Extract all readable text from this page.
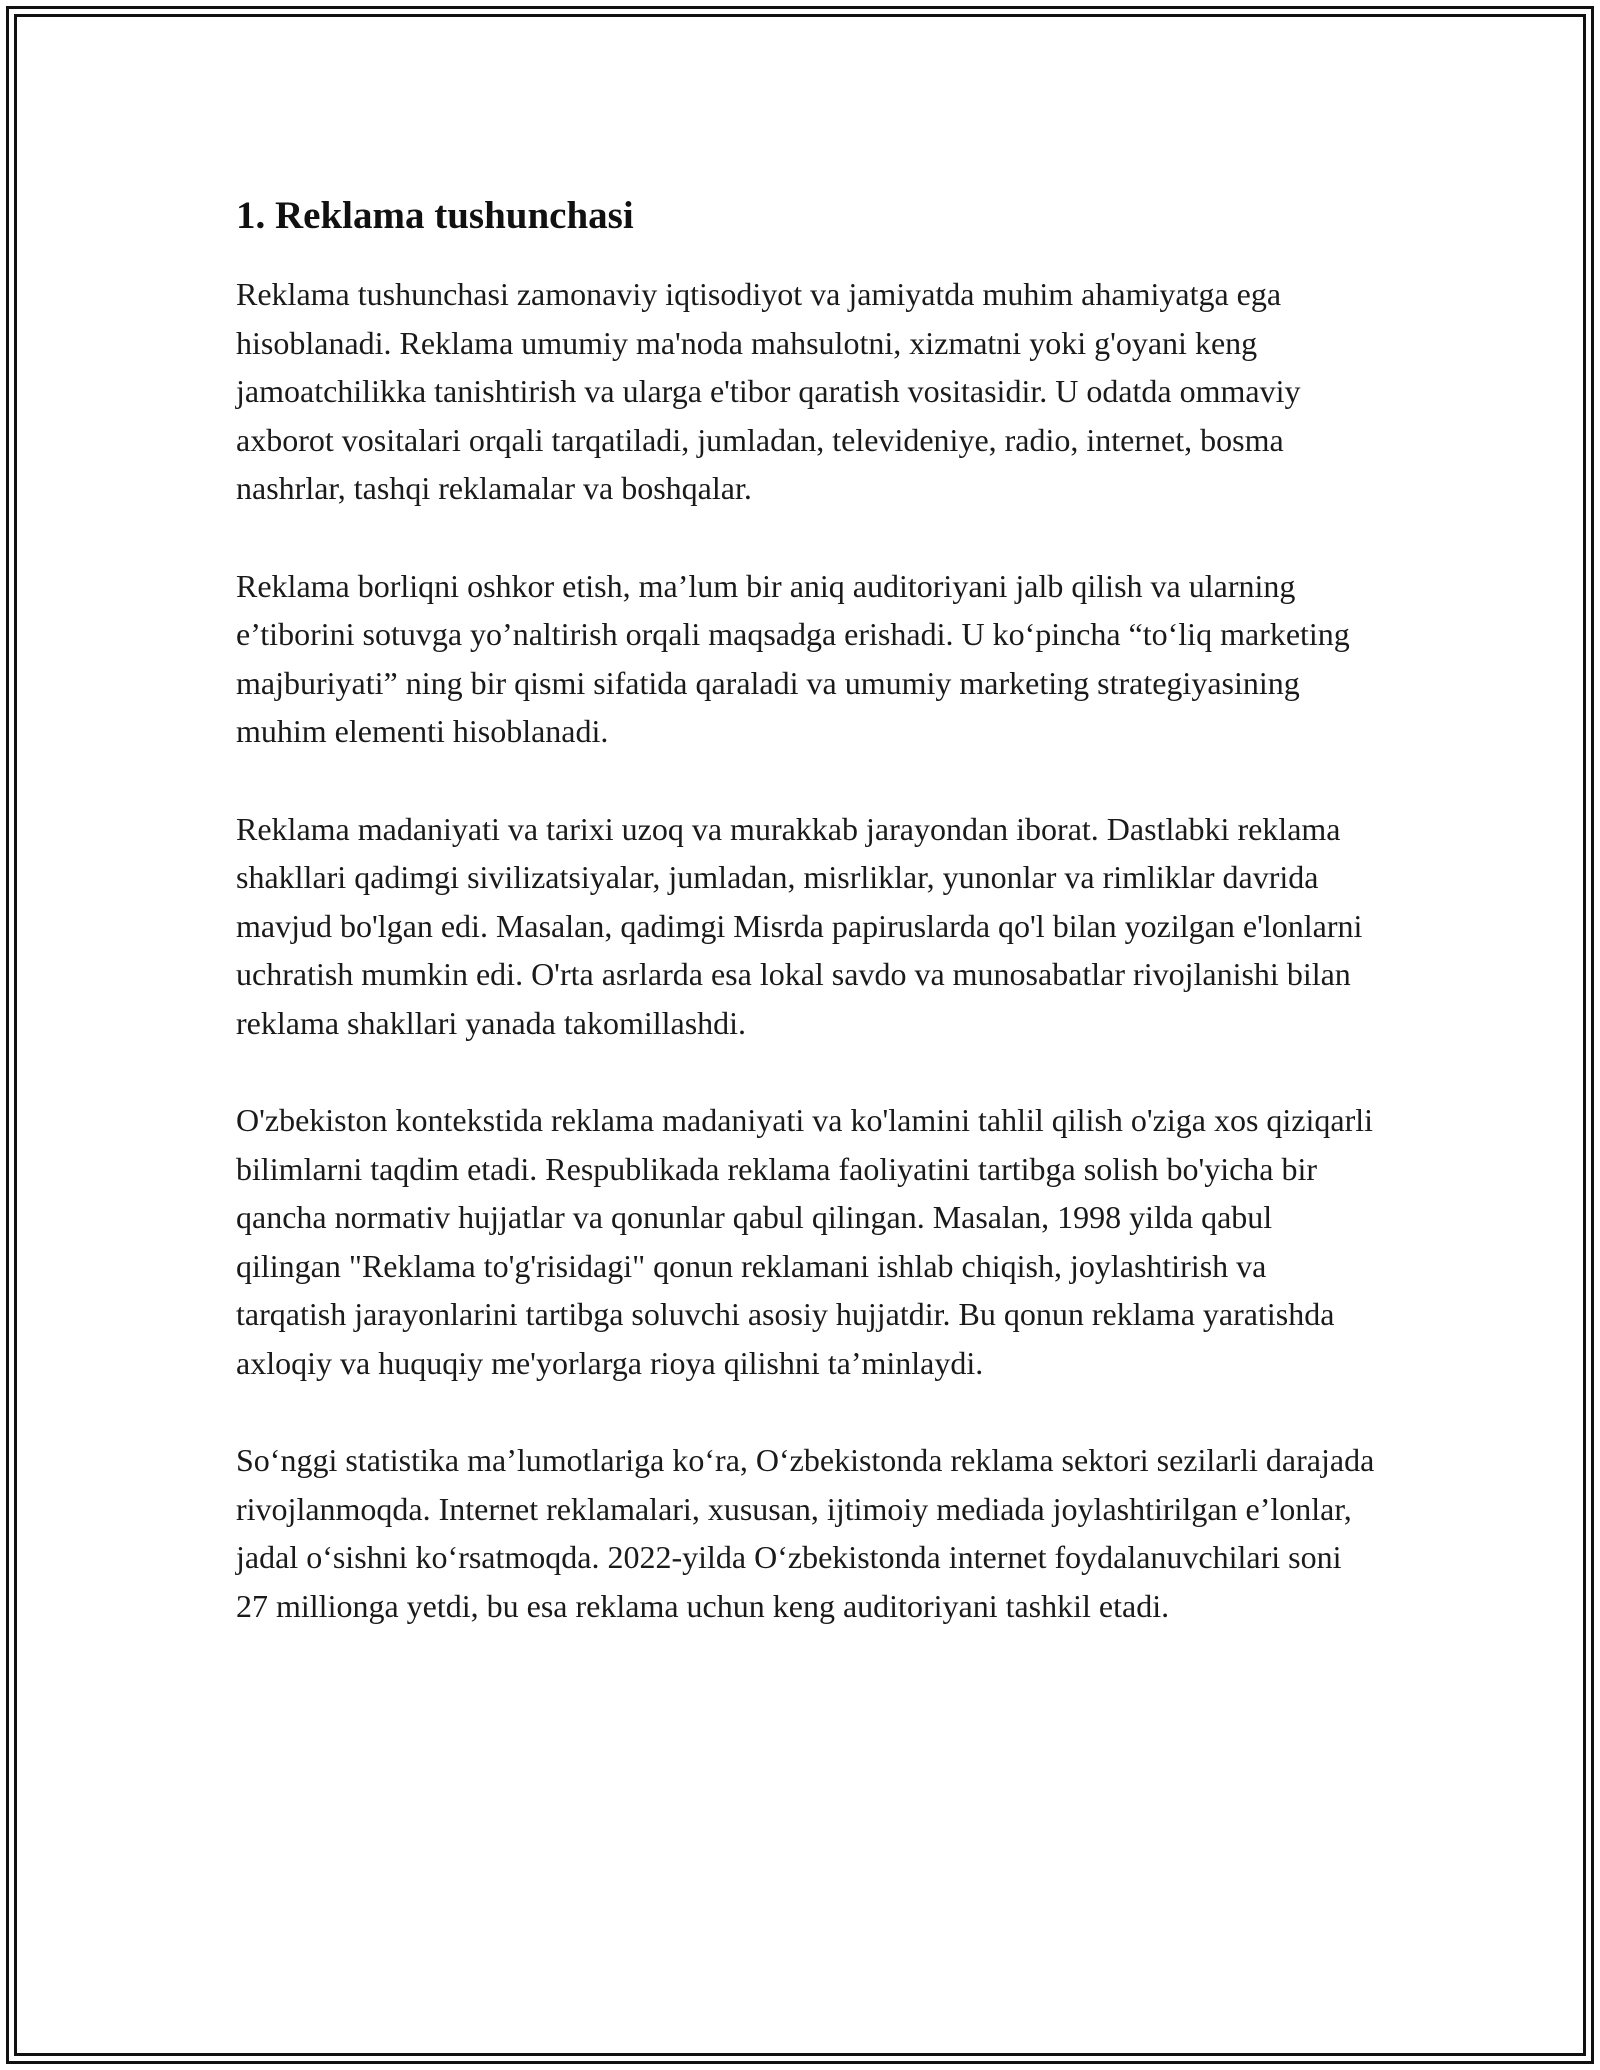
1. Reklama tushunchasi

Reklama tushunchasi zamonaviy iqtisodiyot va jamiyatda muhim ahamiyatga ega hisoblanadi. Reklama umumiy ma'noda mahsulotni, xizmatni yoki g'oyani keng jamoatchilikka tanishtirish va ularga e'tibor qaratish vositasidir. U odatda ommaviy axborot vositalari orqali tarqatiladi, jumladan, televideniye, radio, internet, bosma nashrlar, tashqi reklamalar va boshqalar.

Reklama borliqni oshkor etish, ma’lum bir aniq auditoriyani jalb qilish va ularning e’tiborini sotuvga yo’naltirish orqali maqsadga erishadi. U ko‘pincha “to‘liq marketing majburiyati” ning bir qismi sifatida qaraladi va umumiy marketing strategiyasining muhim elementi hisoblanadi.

Reklama madaniyati va tarixi uzoq va murakkab jarayondan iborat. Dastlabki reklama shakllari qadimgi sivilizatsiyalar, jumladan, misrliklar, yunonlar va rimliklar davrida mavjud bo'lgan edi. Masalan, qadimgi Misrda papiruslarda qo'l bilan yozilgan e'lonlarni uchratish mumkin edi. O'rta asrlarda esa lokal savdo va munosabatlar rivojlanishi bilan reklama shakllari yanada takomillashdi.

O'zbekiston kontekstida reklama madaniyati va ko'lamini tahlil qilish o'ziga xos qiziqarli bilimlarni taqdim etadi. Respublikada reklama faoliyatini tartibga solish bo'yicha bir qancha normativ hujjatlar va qonunlar qabul qilingan. Masalan, 1998 yilda qabul qilingan "Reklama to'g'risidagi" qonun reklamani ishlab chiqish, joylashtirish va tarqatish jarayonlarini tartibga soluvchi asosiy hujjatdir. Bu qonun reklama yaratishda axloqiy va huquqiy me'yorlarga rioya qilishni ta’minlaydi.

So‘nggi statistika ma’lumotlariga ko‘ra, O‘zbekistonda reklama sektori sezilarli darajada rivojlanmoqda. Internet reklamalari, xususan, ijtimoiy mediada joylashtirilgan e’lonlar, jadal o‘sishni ko‘rsatmoqda. 2022-yilda O‘zbekistonda internet foydalanuvchilari soni 27 millionga yetdi, bu esa reklama uchun keng auditoriyani tashkil etadi.
